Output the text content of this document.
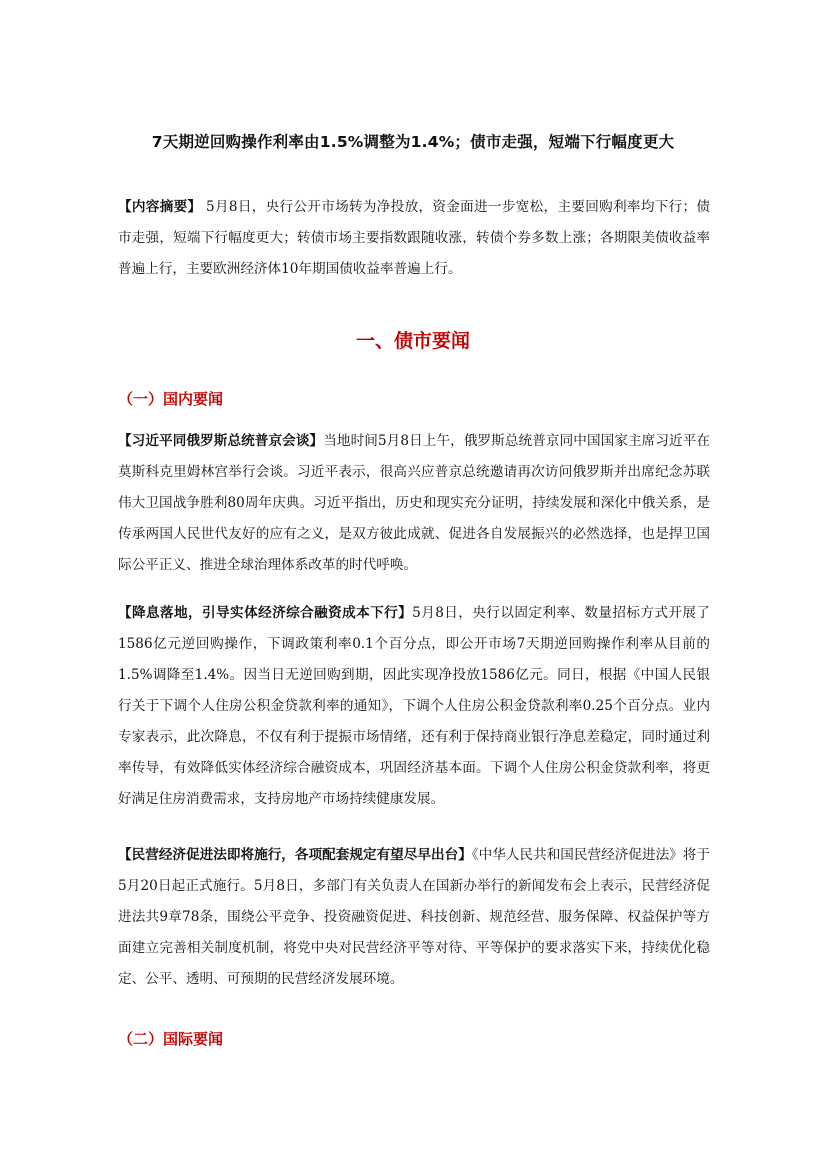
7天期逆回购操作利率由1.5%调整为1.4%；债市走强，短端下行幅度更大
【内容摘要】 5月8日，央行公开市场转为净投放，资金面进一步宽松，主要回购利率均下行；债市走强，短端下行幅度更大；转债市场主要指数跟随收涨，转债个券多数上涨；各期限美债收益率普遍上行，主要欧洲经济体10年期国债收益率普遍上行。
一、债市要闻
（一）国内要闻
【习近平同俄罗斯总统普京会谈】当地时间5月8日上午，俄罗斯总统普京同中国国家主席习近平在莫斯科克里姆林宫举行会谈。习近平表示，很高兴应普京总统邀请再次访问俄罗斯并出席纪念苏联伟大卫国战争胜利80周年庆典。习近平指出，历史和现实充分证明，持续发展和深化中俄关系，是传承两国人民世代友好的应有之义，是双方彼此成就、促进各自发展振兴的必然选择，也是捍卫国际公平正义、推进全球治理体系改革的时代呼唤。
【降息落地，引导实体经济综合融资成本下行】5月8日，央行以固定利率、数量招标方式开展了1586亿元逆回购操作，下调政策利率0.1个百分点，即公开市场7天期逆回购操作利率从目前的1.5%调降至1.4%。因当日无逆回购到期，因此实现净投放1586亿元。同日，根据《中国人民银行关于下调个人住房公积金贷款利率的通知》，下调个人住房公积金贷款利率0.25个百分点。业内专家表示，此次降息，不仅有利于提振市场情绪，还有利于保持商业银行净息差稳定，同时通过利率传导，有效降低实体经济综合融资成本，巩固经济基本面。下调个人住房公积金贷款利率，将更好满足住房消费需求，支持房地产市场持续健康发展。
【民营经济促进法即将施行，各项配套规定有望尽早出台】《中华人民共和国民营经济促进法》将于5月20日起正式施行。5月8日，多部门有关负责人在国新办举行的新闻发布会上表示，民营经济促进法共9章78条，围绕公平竞争、投资融资促进、科技创新、规范经营、服务保障、权益保护等方面建立完善相关制度机制，将党中央对民营经济平等对待、平等保护的要求落实下来，持续优化稳定、公平、透明、可预期的民营经济发展环境。
（二）国际要闻
